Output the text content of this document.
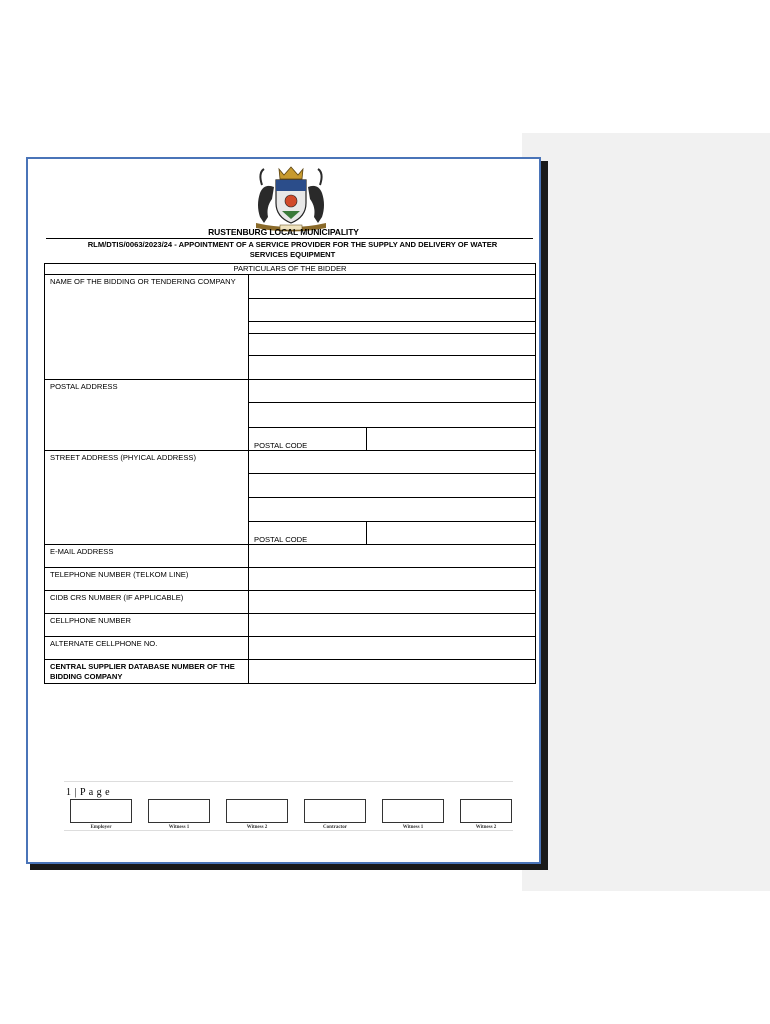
RUSTENBURG LOCAL MUNICIPALITY
RLM/DTIS/0063/2023/24 - APPOINTMENT OF A SERVICE PROVIDER FOR THE SUPPLY AND DELIVERY OF WATER SERVICES EQUIPMENT
PARTICULARS OF THE BIDDER		
NAME OF THE BIDDING OR TENDERING COMPANY		

POSTAL ADDRESS		

	POSTAL CODE	
STREET ADDRESS (PHYICAL ADDRESS)		

	POSTAL CODE	
E-MAIL ADDRESS		
TELEPHONE NUMBER (TELKOM LINE)		
CIDB CRS NUMBER (IF APPLICABLE)		
CELLPHONE NUMBER		
ALTERNATE CELLPHONE NO.		
CENTRAL SUPPLIER DATABASE NUMBER OF THE BIDDING COMPANY		
1 | P a g e
Employer	Witness 1	Witness 2	Contractor	Witness 1	Witness 2
